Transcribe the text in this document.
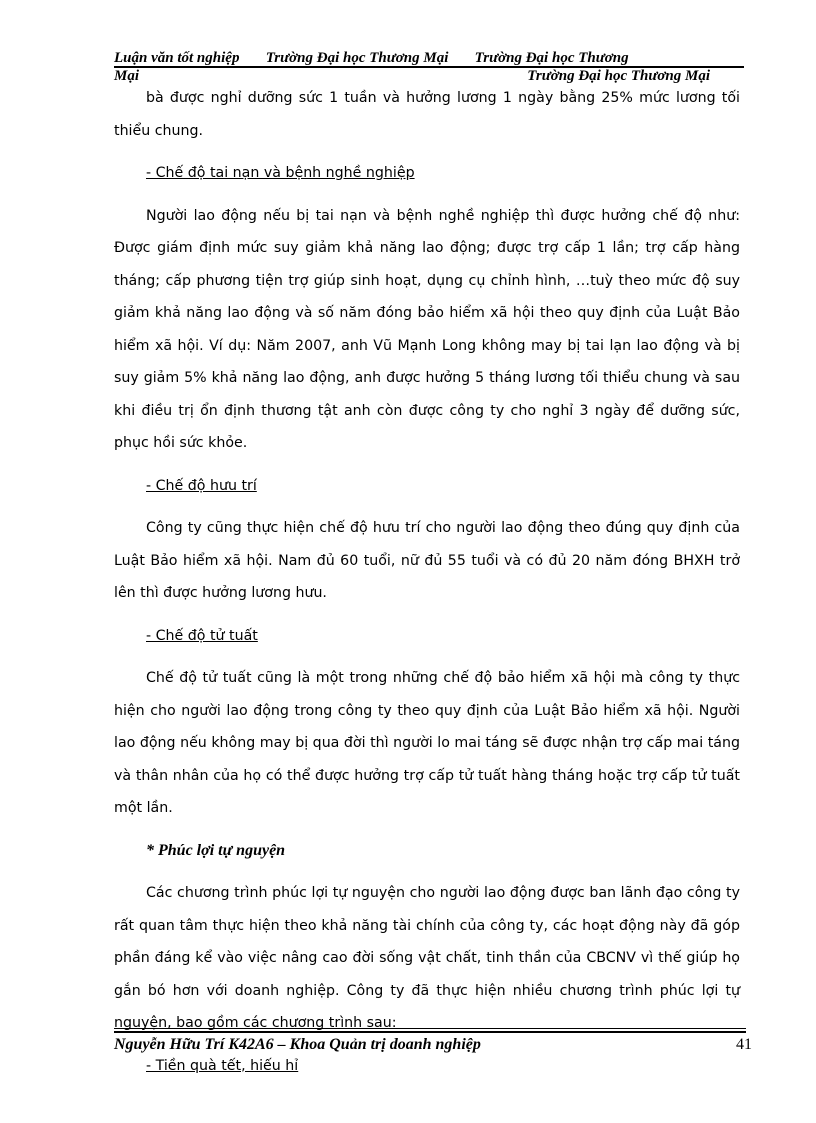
Luận văn tốt nghiệp       Trường Đại học Thương Mại       Trường Đại học Thương
Mại	Trường Đại học Thương Mại

bà được nghỉ dưỡng sức 1 tuần và hưởng lương 1 ngày bằng 25% mức lương tối thiểu chung.

- Chế độ tai nạn và bệnh nghề nghiệp

Người lao động nếu bị tai nạn và bệnh nghề nghiệp thì được hưởng chế độ như: Được giám định mức suy giảm khả năng lao động; được trợ cấp 1 lần; trợ cấp hàng tháng; cấp phương tiện trợ giúp sinh hoạt, dụng cụ chỉnh hình, …tuỳ theo mức độ suy giảm khả năng lao động và số năm đóng bảo hiểm xã hội theo quy định của Luật Bảo hiểm xã hội. Ví dụ: Năm 2007, anh Vũ Mạnh Long không may bị tai lạn lao động và bị suy giảm 5% khả năng lao động, anh được hưởng 5 tháng lương tối thiểu chung và sau khi điều trị ổn định thương tật anh còn được công ty cho nghỉ 3 ngày để dưỡng sức, phục hồi sức khỏe.

- Chế độ hưu trí

Công ty cũng thực hiện chế độ hưu trí cho người lao động theo đúng quy định của Luật Bảo hiểm xã hội. Nam đủ 60 tuổi, nữ đủ 55 tuổi và có đủ 20 năm đóng BHXH trở lên thì được hưởng lương hưu.

- Chế độ tử tuất

Chế độ tử tuất cũng là một trong những chế độ bảo hiểm xã hội mà công ty thực hiện cho người lao động trong công ty theo quy định của Luật Bảo hiểm xã hội. Người lao động nếu không may bị qua đời thì người lo mai táng sẽ được nhận trợ cấp mai táng và thân nhân của họ có thể được hưởng trợ cấp tử tuất hàng tháng hoặc trợ cấp tử tuất một lần.

* Phúc lợi tự nguyện

Các chương trình phúc lợi tự nguyện cho người lao động được ban lãnh đạo công ty rất quan tâm thực hiện theo khả năng tài chính của công ty, các hoạt động này đã góp phần đáng kể vào việc nâng cao đời sống vật chất, tinh thần của CBCNV vì thế giúp họ gắn bó hơn với doanh nghiệp. Công ty đã thực hiện nhiều chương trình phúc lợi tự nguyện, bao gồm các chương trình sau:

- Tiền quà tết, hiếu hỉ

Nguyễn Hữu Trí K42A6 – Khoa Quản trị doanh nghiệp	41
